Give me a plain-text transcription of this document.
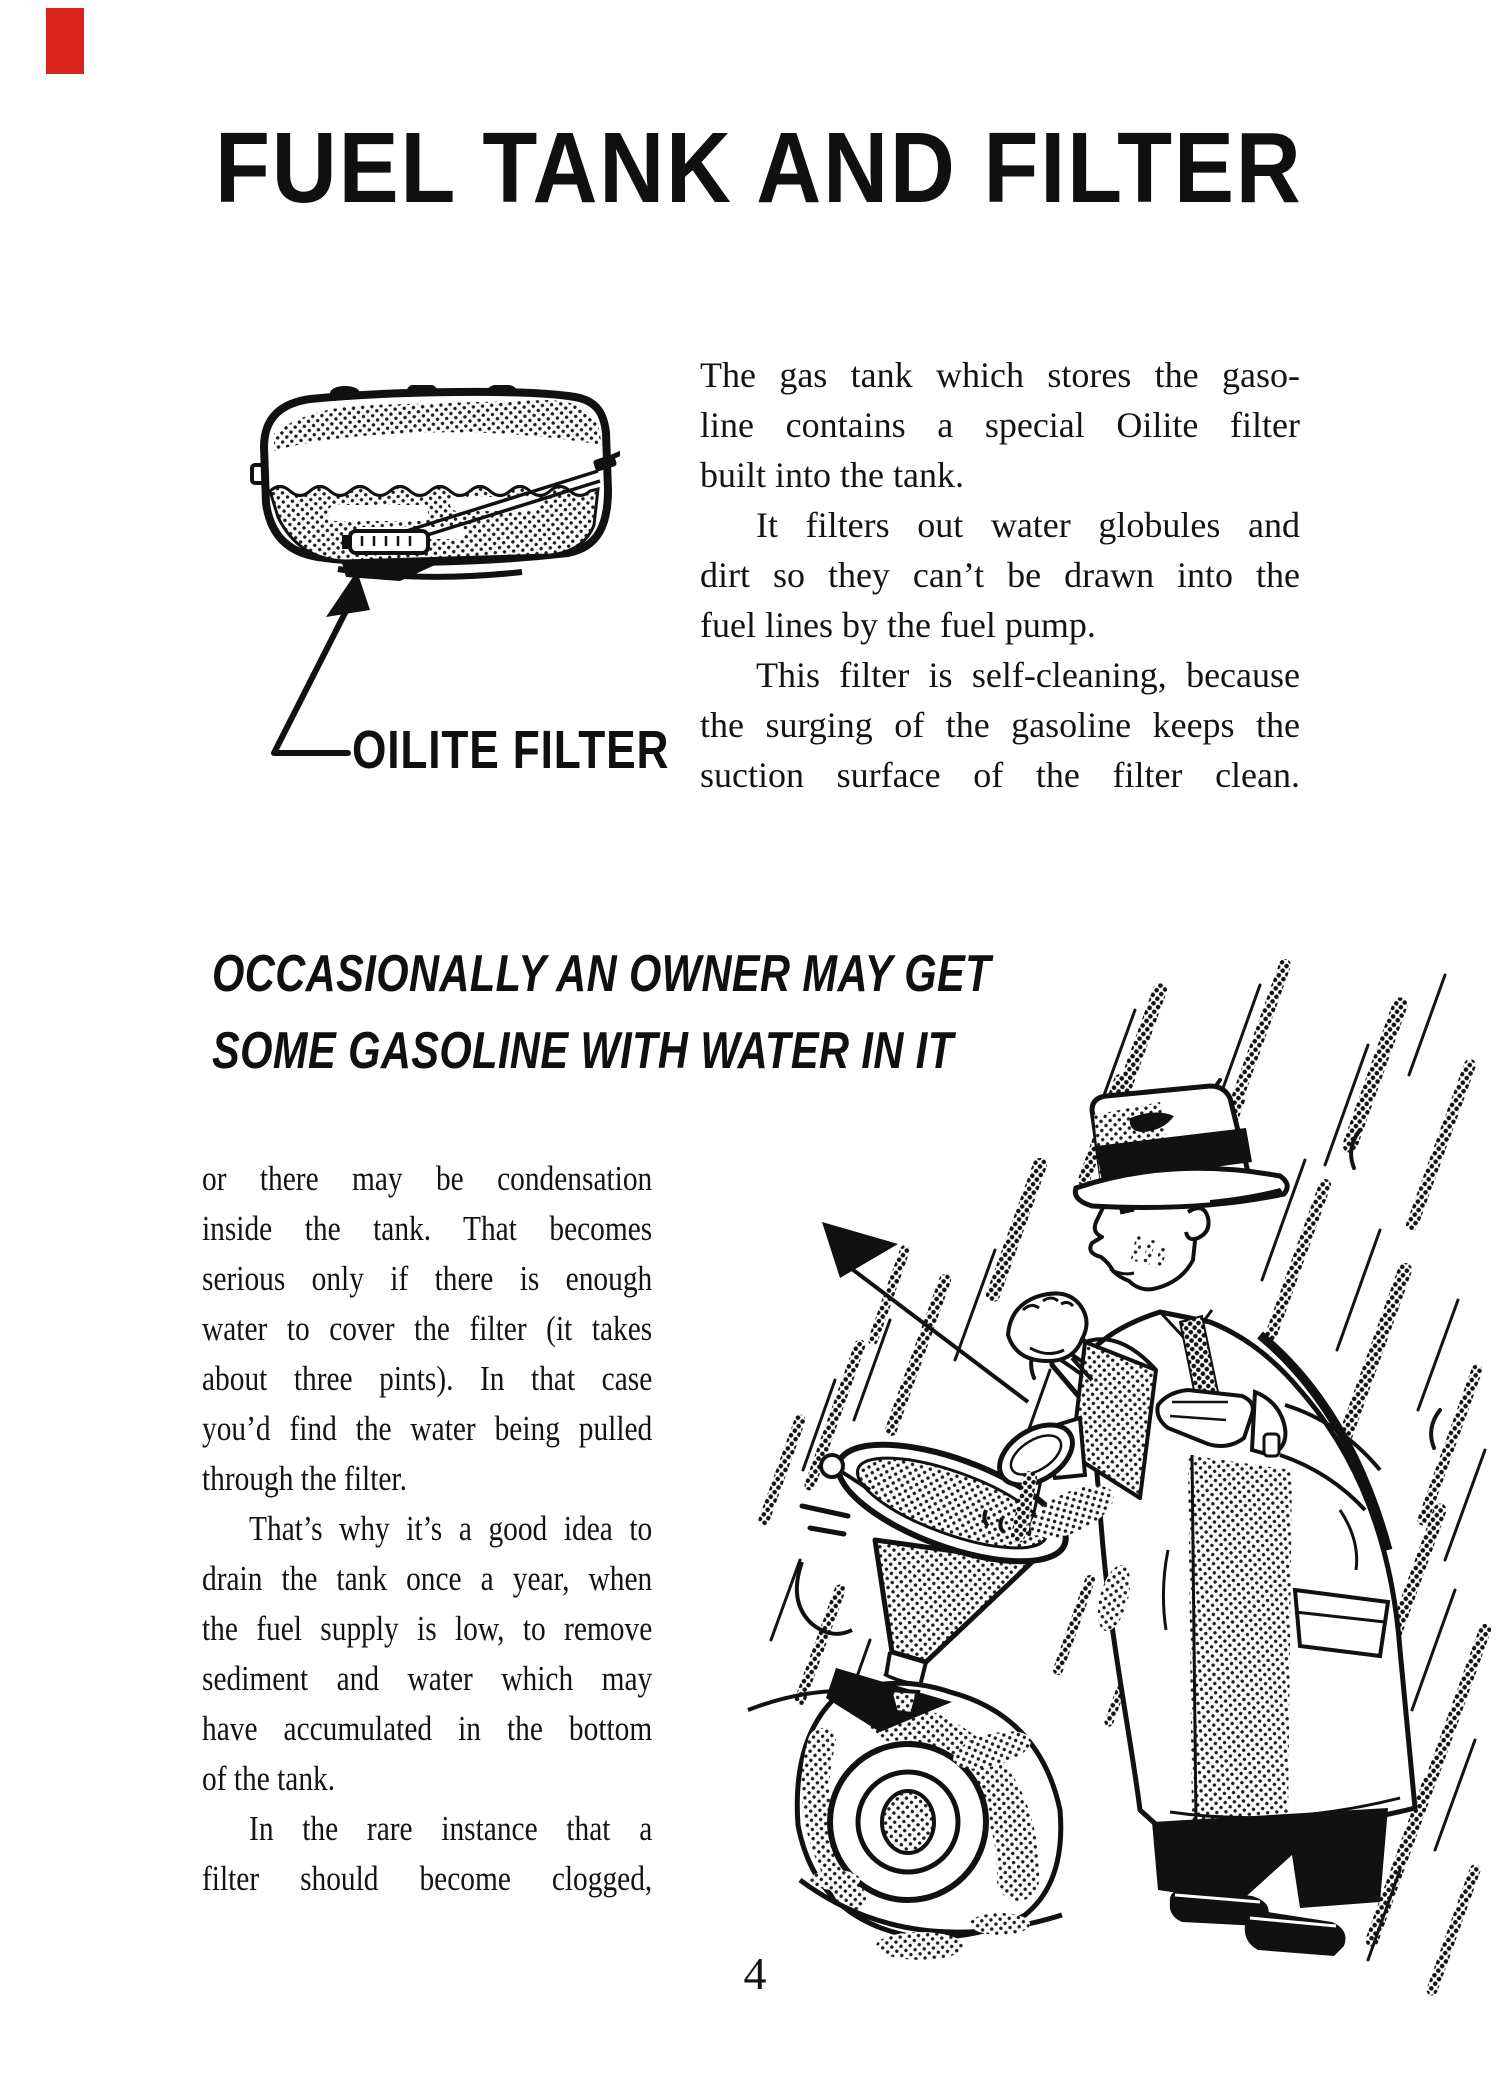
FUEL TANK AND FILTER
OILITE FILTER
The gas tank which stores the gaso-
line contains a special Oilite filter
built into the tank.
It filters out water globules and
dirt so they can’t be drawn into the
fuel lines by the fuel pump.
This filter is self-cleaning, because
the surging of the gasoline keeps the
suction surface of the filter clean.
OCCASIONALLY AN OWNER MAY GET
SOME GASOLINE WITH WATER IN IT
or there may be condensation
inside the tank. That becomes
serious only if there is enough
water to cover the filter (it takes
about three pints). In that case
you’d find the water being pulled
through the filter.
That’s why it’s a good idea to
drain the tank once a year, when
the fuel supply is low, to remove
sediment and water which may
have accumulated in the bottom
of the tank.
In the rare instance that a
filter should become clogged,
4
